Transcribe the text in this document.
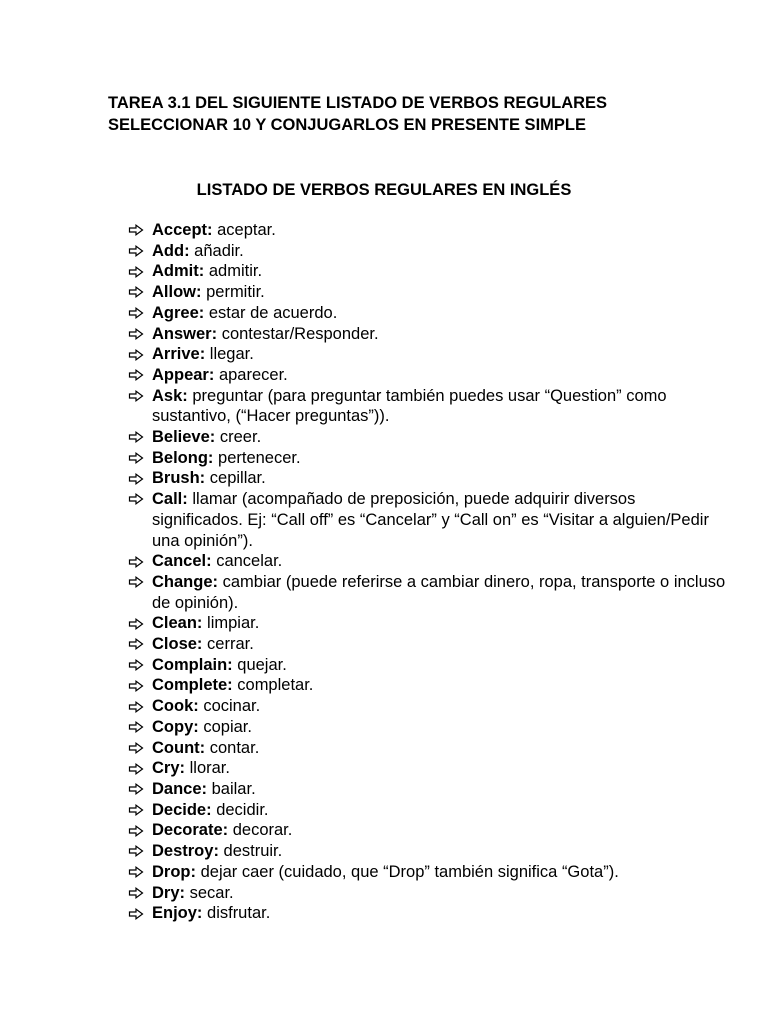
TAREA 3.1 DEL SIGUIENTE LISTADO DE VERBOS REGULARES
SELECCIONAR 10 Y CONJUGARLOS EN PRESENTE SIMPLE
LISTADO DE VERBOS REGULARES EN INGLÉS
Accept: aceptar.
Add: añadir.
Admit: admitir.
Allow: permitir.
Agree: estar de acuerdo.
Answer: contestar/Responder.
Arrive: llegar.
Appear: aparecer.
Ask: preguntar (para preguntar también puedes usar “Question” como sustantivo, (“Hacer preguntas”)).
Believe: creer.
Belong: pertenecer.
Brush: cepillar.
Call: llamar (acompañado de preposición, puede adquirir diversos significados. Ej: “Call off” es “Cancelar” y “Call on” es “Visitar a alguien/Pedir una opinión”).
Cancel: cancelar.
Change: cambiar (puede referirse a cambiar dinero, ropa, transporte o incluso de opinión).
Clean: limpiar.
Close: cerrar.
Complain: quejar.
Complete: completar.
Cook: cocinar.
Copy: copiar.
Count: contar.
Cry: llorar.
Dance: bailar.
Decide: decidir.
Decorate: decorar.
Destroy: destruir.
Drop: dejar caer (cuidado, que “Drop” también significa “Gota”).
Dry: secar.
Enjoy: disfrutar.
